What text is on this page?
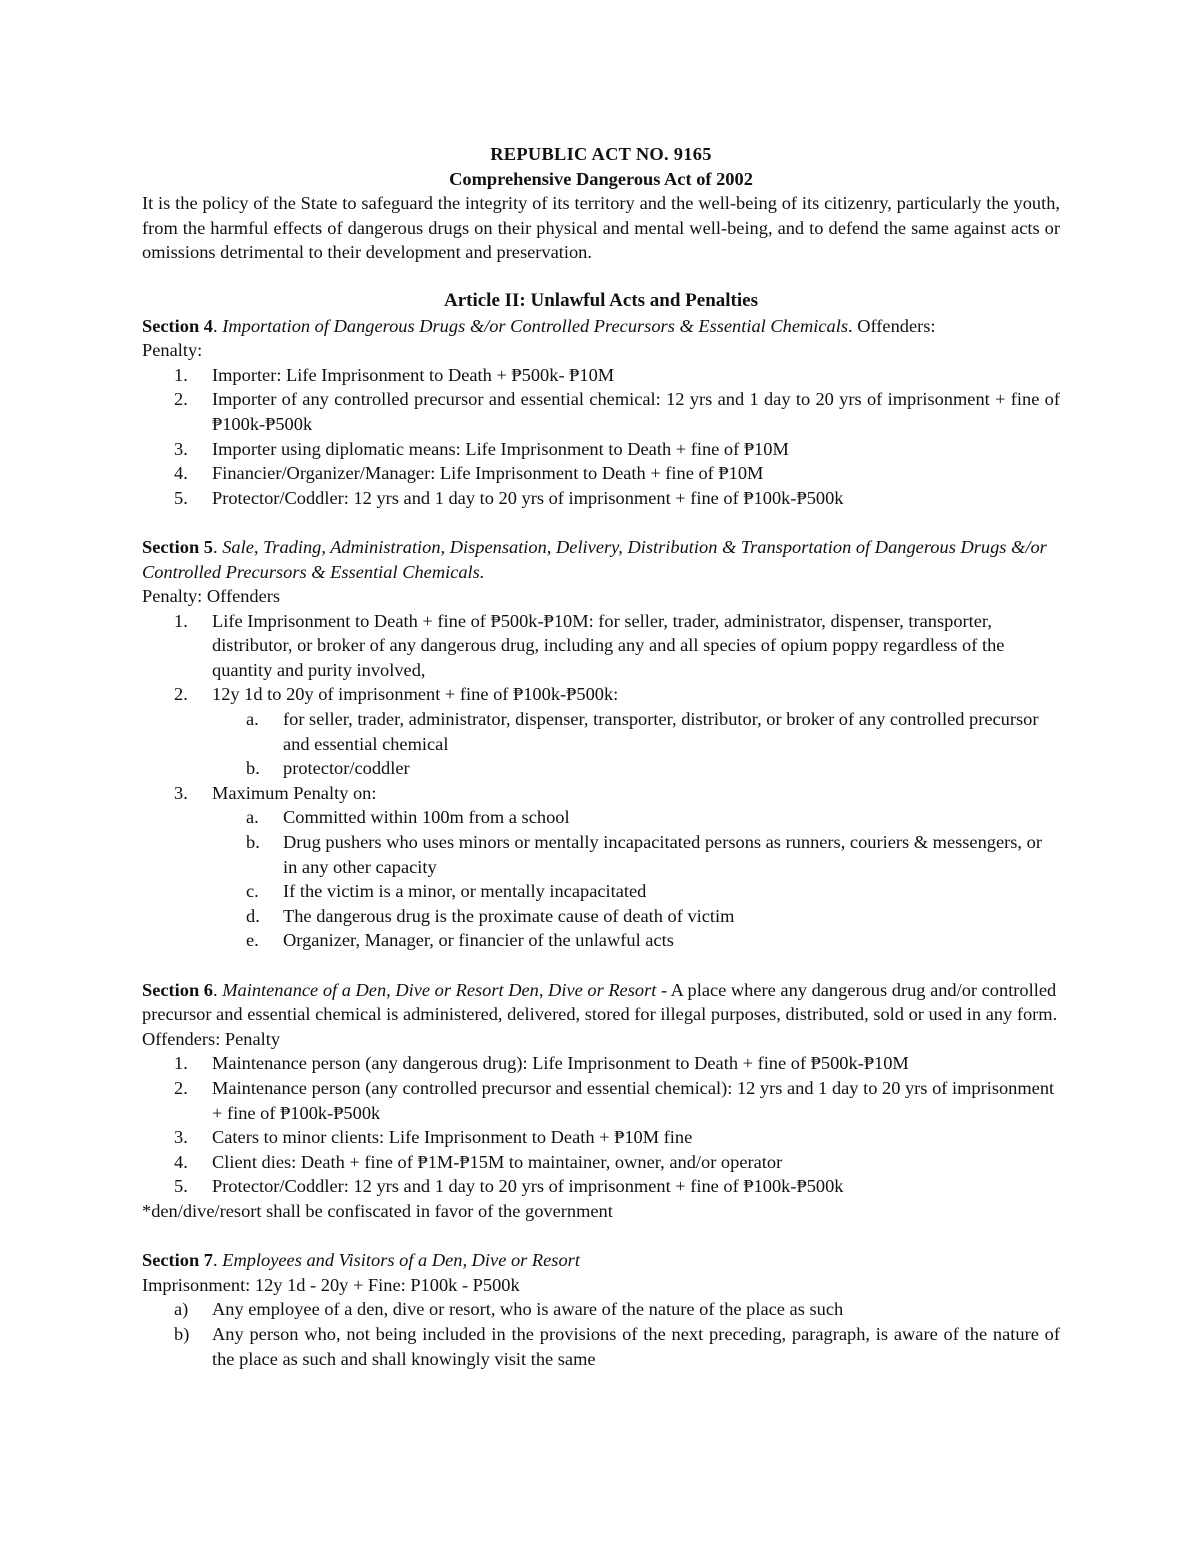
REPUBLIC ACT NO. 9165

Comprehensive Dangerous Act of 2002

It is the policy of the State to safeguard the integrity of its territory and the well-being of its citizenry, particularly the youth, from the harmful effects of dangerous drugs on their physical and mental well-being, and to defend the same against acts or omissions detrimental to their development and preservation.

Article II: Unlawful Acts and Penalties

Section 4. Importation of Dangerous Drugs &/or Controlled Precursors & Essential Chemicals. Offenders:

Penalty:

1.	Importer: Life Imprisonment to Death + ₱500k- ₱10M
2.	Importer of any controlled precursor and essential chemical: 12 yrs and 1 day to 20 yrs of imprisonment + fine of ₱100k-₱500k
3.	Importer using diplomatic means: Life Imprisonment to Death + fine of ₱10M
4.	Financier/Organizer/Manager: Life Imprisonment to Death + fine of ₱10M
5.	Protector/Coddler: 12 yrs and 1 day to 20 yrs of imprisonment + fine of ₱100k-₱500k

Section 5. Sale, Trading, Administration, Dispensation, Delivery, Distribution & Transportation of Dangerous Drugs &/or Controlled Precursors & Essential Chemicals.

Penalty: Offenders

1.	Life Imprisonment to Death + fine of ₱500k-₱10M: for seller, trader, administrator, dispenser, transporter, distributor, or broker of any dangerous drug, including any and all species of opium poppy regardless of the quantity and purity involved,
2.	12y 1d to 20y of imprisonment + fine of ₱100k-₱500k:
a.	for seller, trader, administrator, dispenser, transporter, distributor, or broker of any controlled precursor and essential chemical
b.	protector/coddler
3.	Maximum Penalty on:
a.	Committed within 100m from a school
b.	Drug pushers who uses minors or mentally incapacitated persons as runners, couriers & messengers, or in any other capacity
c.	If the victim is a minor, or mentally incapacitated
d.	The dangerous drug is the proximate cause of death of victim
e.	Organizer, Manager, or financier of the unlawful acts

Section 6. Maintenance of a Den, Dive or Resort Den, Dive or Resort - A place where any dangerous drug and/or controlled precursor and essential chemical is administered, delivered, stored for illegal purposes, distributed, sold or used in any form.

Offenders: Penalty

1.	Maintenance person (any dangerous drug): Life Imprisonment to Death + fine of ₱500k-₱10M
2.	Maintenance person (any controlled precursor and essential chemical): 12 yrs and 1 day to 20 yrs of imprisonment + fine of ₱100k-₱500k
3.	Caters to minor clients: Life Imprisonment to Death + ₱10M fine
4.	Client dies: Death + fine of ₱1M-₱15M to maintainer, owner, and/or operator
5.	Protector/Coddler: 12 yrs and 1 day to 20 yrs of imprisonment + fine of ₱100k-₱500k

*den/dive/resort shall be confiscated in favor of the government

Section 7. Employees and Visitors of a Den, Dive or Resort

Imprisonment: 12y 1d - 20y + Fine: P100k - P500k

a)	Any employee of a den, dive or resort, who is aware of the nature of the place as such
b)	Any person who, not being included in the provisions of the next preceding, paragraph, is aware of the nature of the place as such and shall knowingly visit the same
